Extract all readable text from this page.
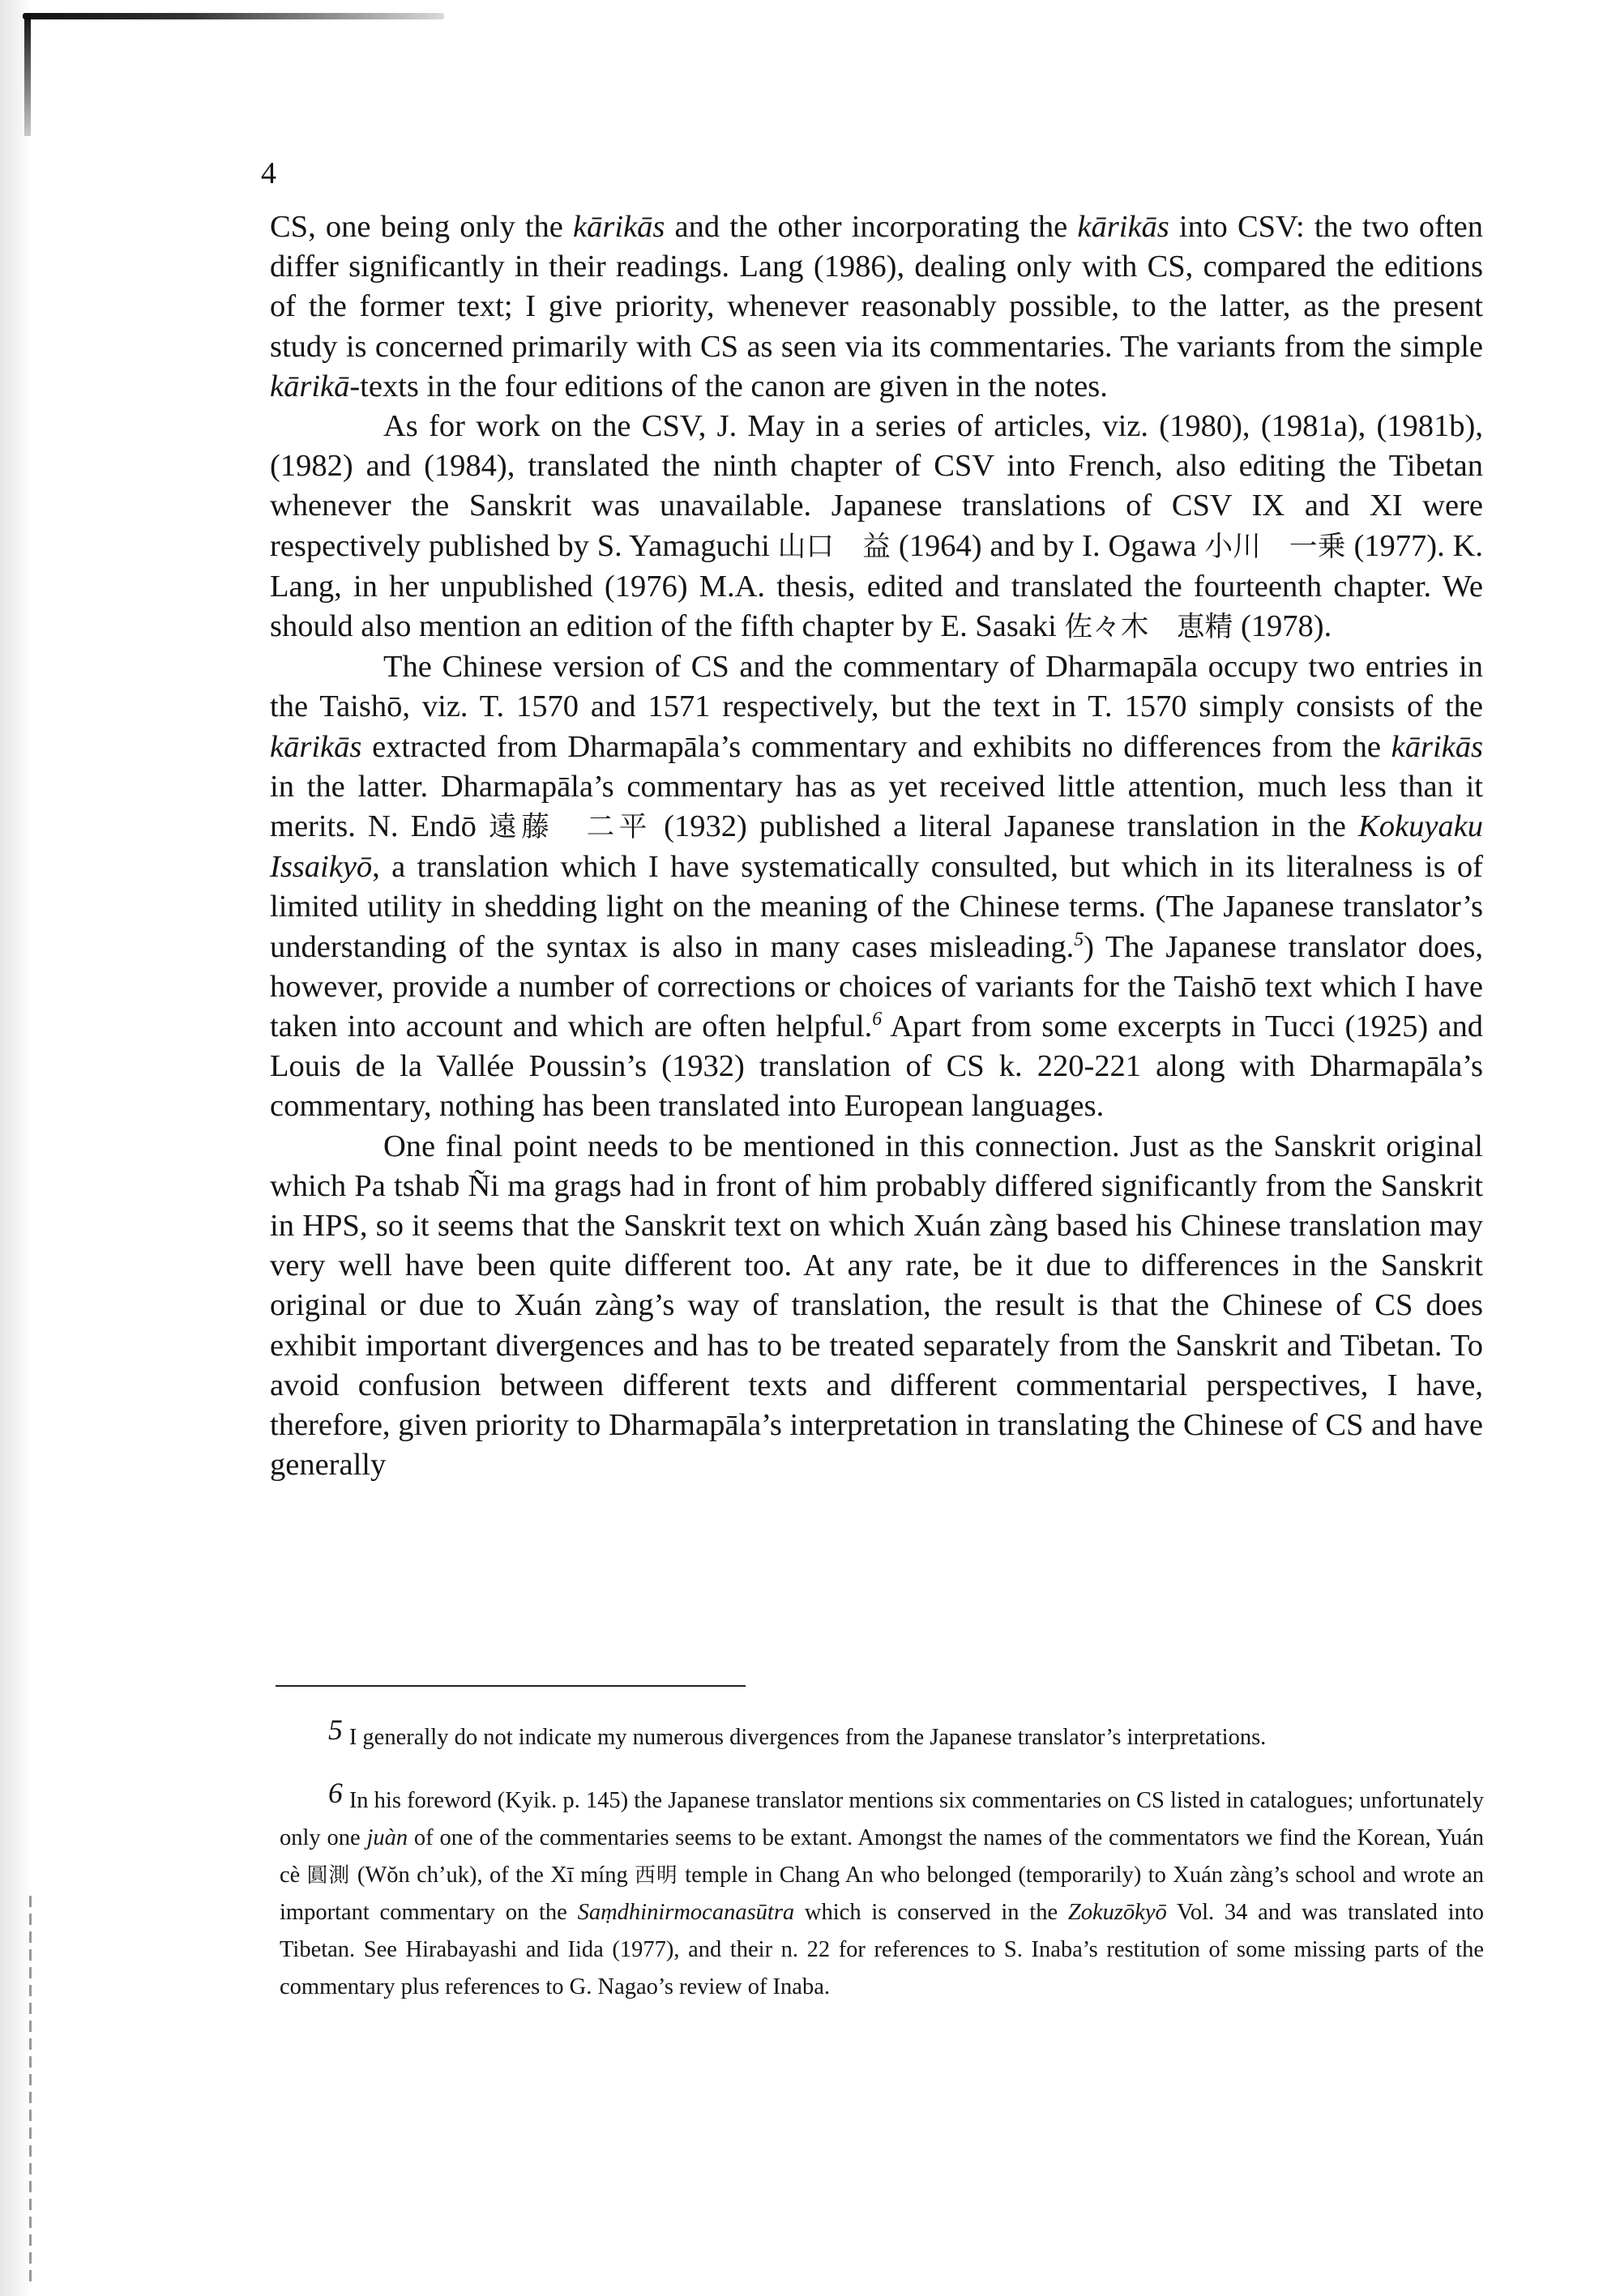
4

CS, one being only the kārikās and the other incorporating the kārikās into CSV: the two often differ significantly in their readings. Lang (1986), dealing only with CS, compared the editions of the former text; I give priority, whenever reasonably possible, to the latter, as the present study is concerned primarily with CS as seen via its commentaries. The variants from the simple kārikā-texts in the four editions of the canon are given in the notes.

As for work on the CSV, J. May in a series of articles, viz. (1980), (1981a), (1981b), (1982) and (1984), translated the ninth chapter of CSV into French, also editing the Tibetan whenever the Sanskrit was unavailable. Japanese translations of CSV IX and XI were respectively published by S. Yamaguchi 山口　益 (1964) and by I. Ogawa 小川　一乗 (1977). K. Lang, in her unpublished (1976) M.A. thesis, edited and translated the fourteenth chapter. We should also mention an edition of the fifth chapter by E. Sasaki 佐々木　恵精 (1978).

The Chinese version of CS and the commentary of Dharmapāla occupy two entries in the Taishō, viz. T. 1570 and 1571 respectively, but the text in T. 1570 simply consists of the kārikās extracted from Dharmapāla’s commentary and exhibits no differences from the kārikās in the latter. Dharmapāla’s commentary has as yet received little attention, much less than it merits. N. Endō 遠藤　二平 (1932) published a literal Japanese translation in the Kokuyaku Issaikyō, a translation which I have systematically consulted, but which in its literalness is of limited utility in shedding light on the meaning of the Chinese terms. (The Japanese translator’s understanding of the syntax is also in many cases misleading.$^5$) The Japanese translator does, however, provide a number of corrections or choices of variants for the Taishō text which I have taken into account and which are often helpful.$^6$ Apart from some excerpts in Tucci (1925) and Louis de la Vallée Poussin’s (1932) translation of CS k. 220-221 along with Dharmapāla’s commentary, nothing has been translated into European languages.

One final point needs to be mentioned in this connection. Just as the Sanskrit original which Pa tshab Ñi ma grags had in front of him probably differed significantly from the Sanskrit in HPS, so it seems that the Sanskrit text on which Xuán zàng based his Chinese translation may very well have been quite different too. At any rate, be it due to differences in the Sanskrit original or due to Xuán zàng’s way of translation, the result is that the Chinese of CS does exhibit important divergences and has to be treated separately from the Sanskrit and Tibetan. To avoid confusion between different texts and different commentarial perspectives, I have, therefore, given priority to Dharmapāla’s interpretation in translating the Chinese of CS and have generally

5 I generally do not indicate my numerous divergences from the Japanese translator’s interpretations.

6 In his foreword (Kyik. p. 145) the Japanese translator mentions six commentaries on CS listed in catalogues; unfortunately only one juàn of one of the commentaries seems to be extant. Amongst the names of the commentators we find the Korean, Yuán cè 圓測 (Wŏn ch’uk), of the Xī míng 西明 temple in Chang An who belonged (temporarily) to Xuán zàng’s school and wrote an important commentary on the Saṃdhinirmocanasūtra which is conserved in the Zokuzōkyō Vol. 34 and was translated into Tibetan. See Hirabayashi and Iida (1977), and their n. 22 for references to S. Inaba’s restitution of some missing parts of the commentary plus references to G. Nagao’s review of Inaba.
